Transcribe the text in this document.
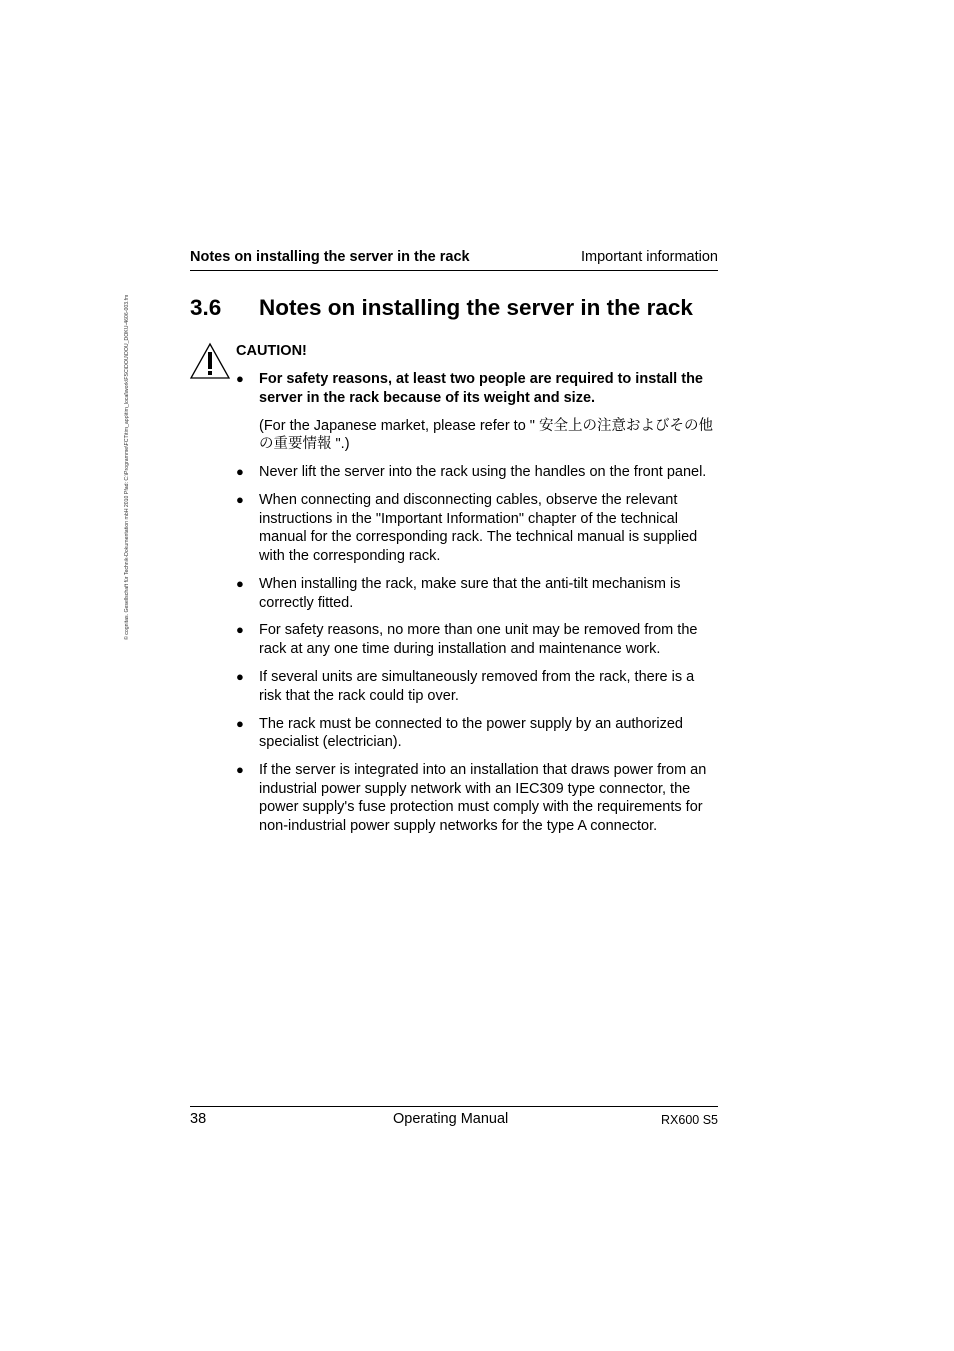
© cognitas. Gesellschaft für Technik-Dokumentation mbH 2010 Pfad: C:\Programme\FCT\tim_app\tim_local\work\FSC\DOU\DOU_DOKU-4606-003.fm
Notes on installing the server in the rack	Important information
3.6 Notes on installing the server in the rack
CAUTION!
● For safety reasons, at least two people are required to install the server in the rack because of its weight and size.
(For the Japanese market, please refer to " 安全上の注意およびその他の重要情報 ".)
● Never lift the server into the rack using the handles on the front panel.
● When connecting and disconnecting cables, observe the relevant instructions in the "Important Information" chapter of the technical manual for the corresponding rack. The technical manual is supplied with the corresponding rack.
● When installing the rack, make sure that the anti-tilt mechanism is correctly fitted.
● For safety reasons, no more than one unit may be removed from the rack at any one time during installation and maintenance work.
● If several units are simultaneously removed from the rack, there is a risk that the rack could tip over.
● The rack must be connected to the power supply by an authorized specialist (electrician).
● If the server is integrated into an installation that draws power from an industrial power supply network with an IEC309 type connector, the power supply's fuse protection must comply with the requirements for non-industrial power supply networks for the type A connector.
38	Operating Manual	RX600 S5
